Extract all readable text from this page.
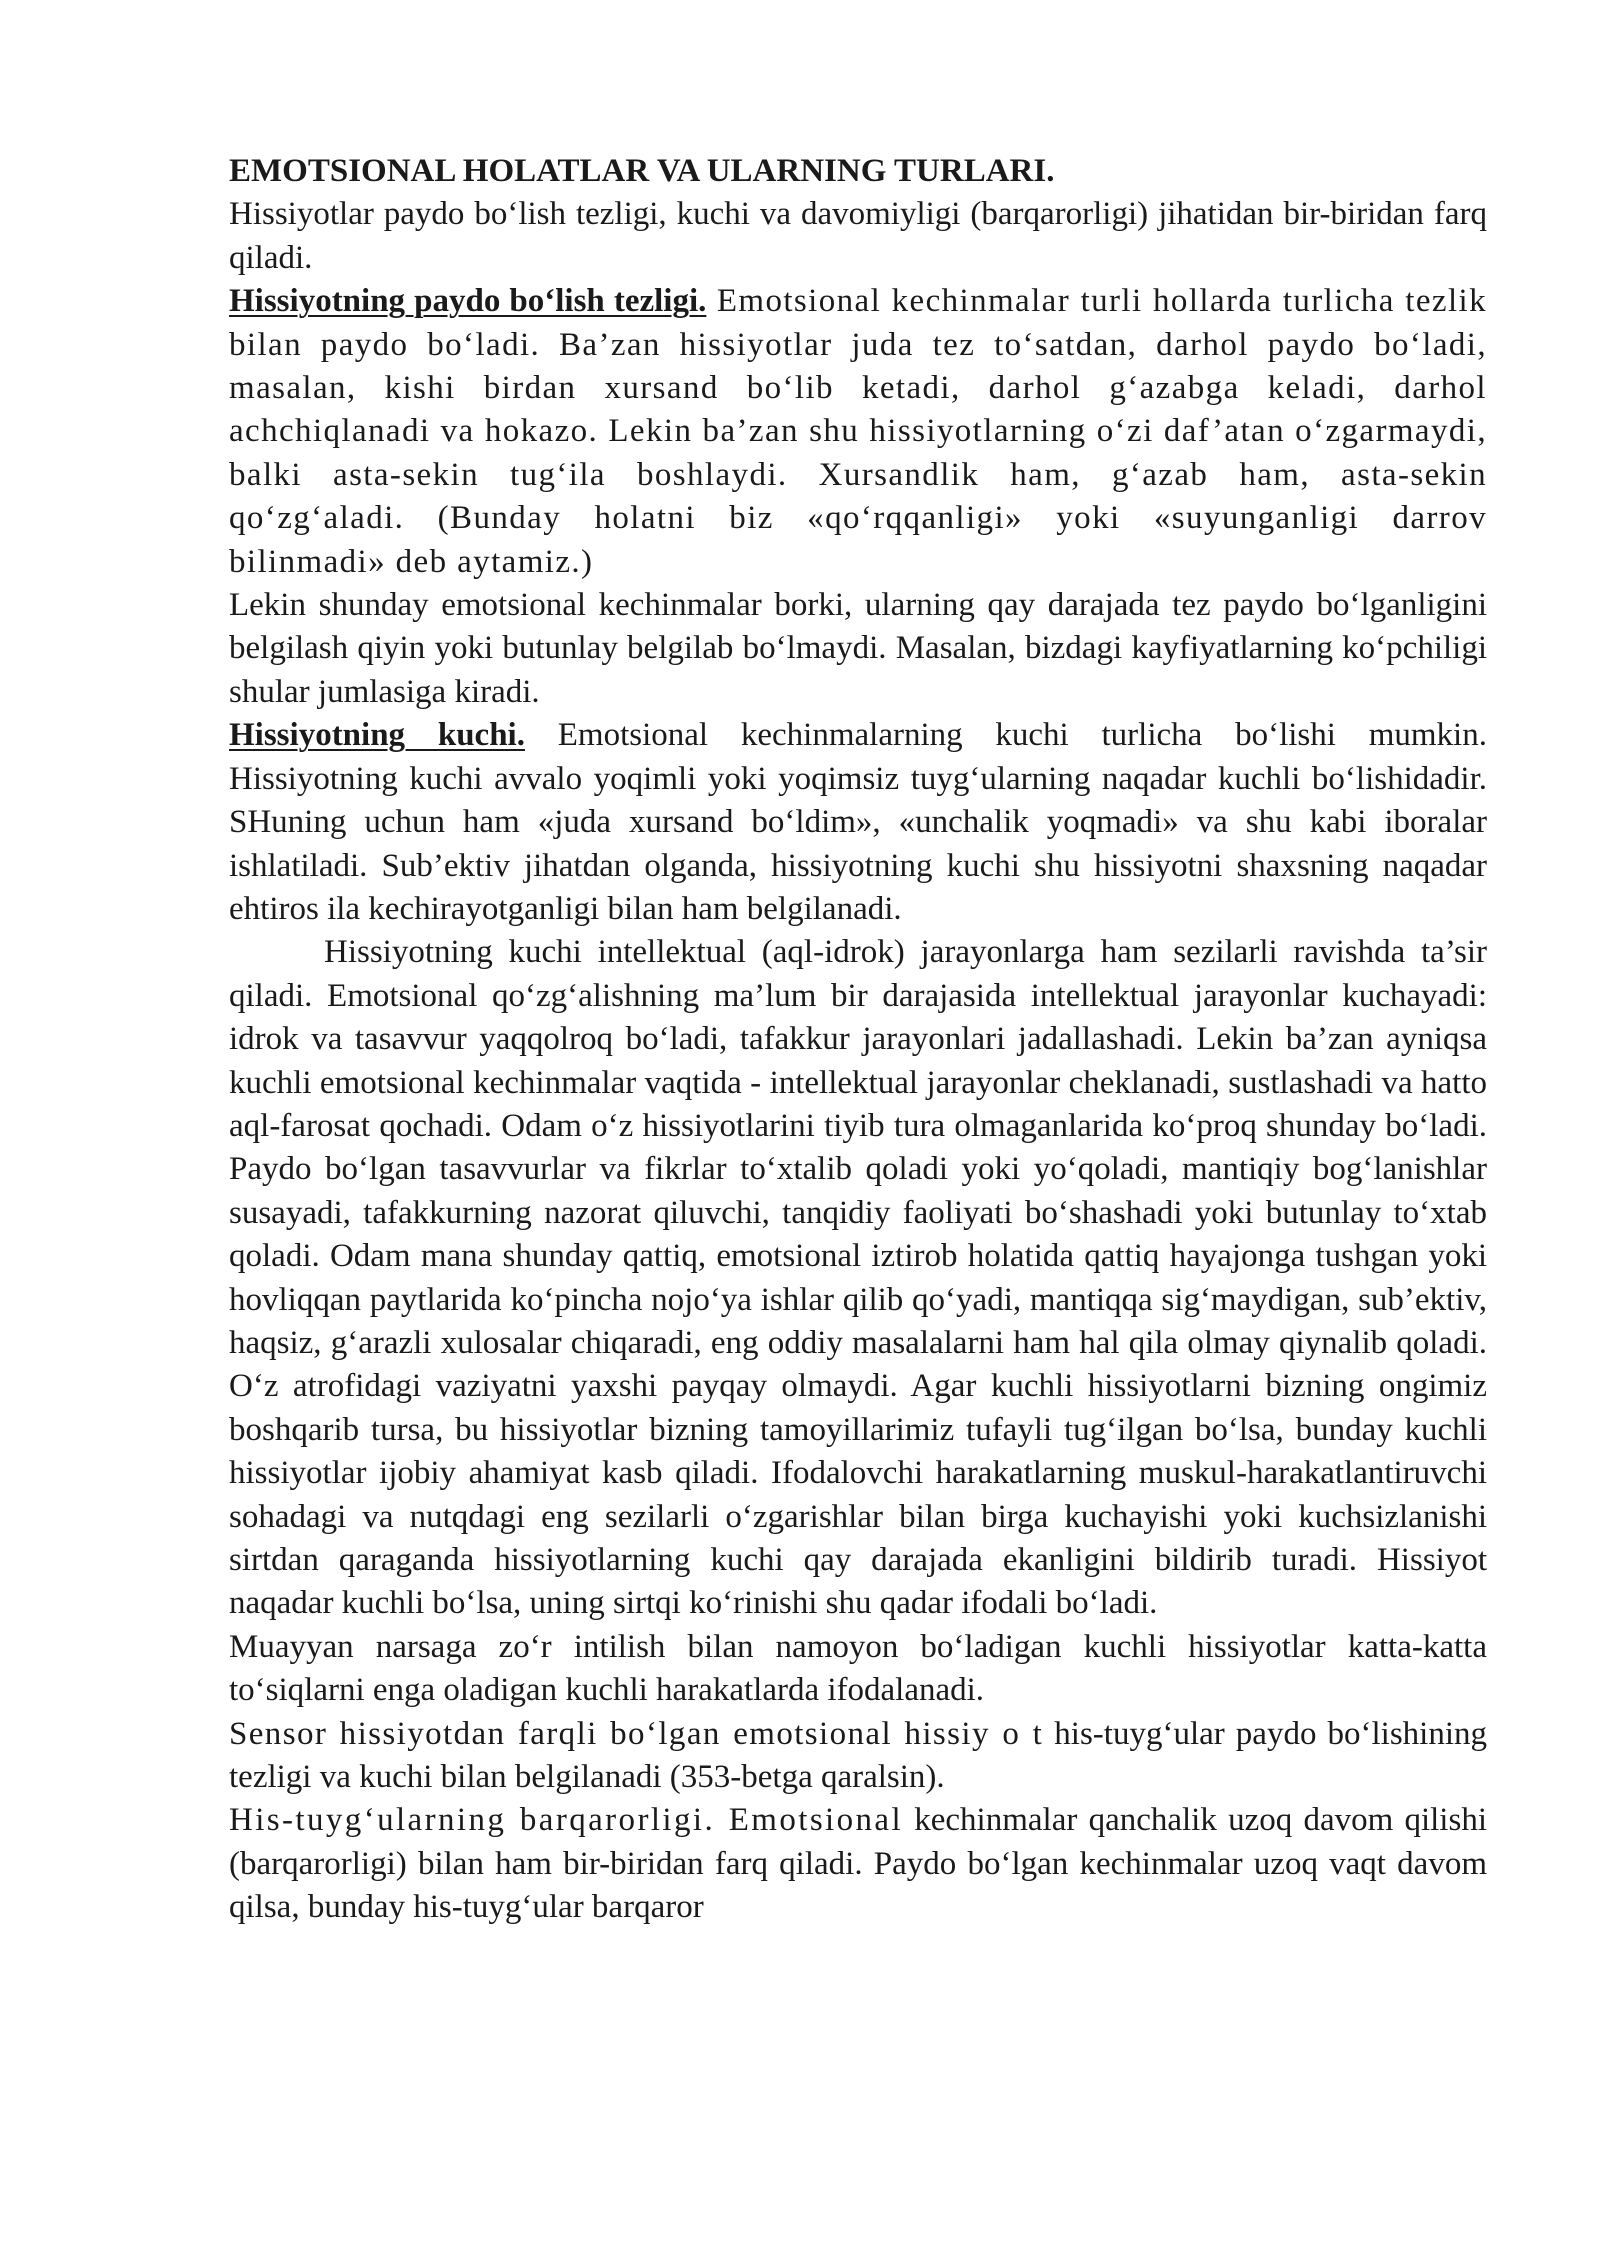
EMOTSIONAL HOLATLAR VA ULARNING TURLARI.

Hissiyotlar paydo bo‘lish tezligi, kuchi va davomiyligi (barqarorligi) jihatidan bir-biridan farq qiladi.

Hissiyotning paydo bo‘lish tezligi. Emotsional kechinmalar turli hollarda turlicha tezlik bilan paydo bo‘ladi. Ba’zan hissiyotlar juda tez to‘satdan, darhol paydo bo‘ladi, masalan, kishi birdan xursand bo‘lib ketadi, darhol g‘azabga keladi, darhol achchiqlanadi va hokazo. Lekin ba’zan shu hissiyotlarning o‘zi daf’atan o‘zgarmaydi, balki asta-sekin tug‘ila boshlaydi. Xursandlik ham, g‘azab ham, asta-sekin qo‘zg‘aladi. (Bunday holatni biz «qo‘rqqanligi» yoki «suyunganligi darrov bilinmadi» deb aytamiz.)

Lekin shunday emotsional kechinmalar borki, ularning qay darajada tez paydo bo‘lganligini belgilash qiyin yoki butunlay belgilab bo‘lmaydi. Masalan, bizdagi kayfiyatlarning ko‘pchiligi shular jumlasiga kiradi.

Hissiyotning kuchi. Emotsional kechinmalarning kuchi turlicha bo‘lishi mumkin. Hissiyotning kuchi avvalo yoqimli yoki yoqimsiz tuyg‘ularning naqadar kuchli bo‘lishidadir. SHuning uchun ham «juda xursand bo‘ldim», «unchalik yoqmadi» va shu kabi iboralar ishlatiladi. Sub’ektiv jihatdan olganda, hissiyotning kuchi shu hissiyotni shaxsning naqadar ehtiros ila kechirayotganligi bilan ham belgilanadi.

Hissiyotning kuchi intellektual (aql-idrok) jarayonlarga ham sezilarli ravishda ta’sir qiladi. Emotsional qo‘zg‘alishning ma’lum bir darajasida intellektual jarayonlar kuchayadi: idrok va tasavvur yaqqolroq bo‘ladi, tafakkur jarayonlari jadallashadi. Lekin ba’zan ayniqsa kuchli emotsional kechinmalar vaqtida - intellektual jarayonlar cheklanadi, sustlashadi va hatto aql-farosat qochadi. Odam o‘z hissiyotlarini tiyib tura olmaganlarida ko‘proq shunday bo‘ladi. Paydo bo‘lgan tasavvurlar va fikrlar to‘xtalib qoladi yoki yo‘qoladi, mantiqiy bog‘lanishlar susayadi, tafakkurning nazorat qiluvchi, tanqidiy faoliyati bo‘shashadi yoki butunlay to‘xtab qoladi. Odam mana shunday qattiq, emotsional iztirob holatida qattiq hayajonga tushgan yoki hovliqqan paytlarida ko‘pincha nojo‘ya ishlar qilib qo‘yadi, mantiqqa sig‘maydigan, sub’ektiv, haqsiz, g‘arazli xulosalar chiqaradi, eng oddiy masalalarni ham hal qila olmay qiynalib qoladi. O‘z atrofidagi vaziyatni yaxshi payqay olmaydi. Agar kuchli hissiyotlarni bizning ongimiz boshqarib tursa, bu hissiyotlar bizning tamoyillarimiz tufayli tug‘ilgan bo‘lsa, bunday kuchli hissiyotlar ijobiy ahamiyat kasb qiladi. Ifodalovchi harakatlarning muskul-harakatlantiruvchi sohadagi va nutqdagi eng sezilarli o‘zgarishlar bilan birga kuchayishi yoki kuchsizlanishi sirtdan qaraganda hissiyotlarning kuchi qay darajada ekanligini bildirib turadi. Hissiyot naqadar kuchli bo‘lsa, uning sirtqi ko‘rinishi shu qadar ifodali bo‘ladi.

Muayyan narsaga zo‘r intilish bilan namoyon bo‘ladigan kuchli hissiyotlar katta-katta to‘siqlarni enga oladigan kuchli harakatlarda ifodalanadi.

Sensor hissiyotdan farqli bo‘lgan emotsional hissiy o t his-tuyg‘ular paydo bo‘lishining tezligi va kuchi bilan belgilanadi (353-betga qaralsin).

His-tuyg‘ularning barqarorligi. Emotsional kechinmalar qanchalik uzoq davom qilishi (barqarorligi) bilan ham bir-biridan farq qiladi. Paydo bo‘lgan kechinmalar uzoq vaqt davom qilsa, bunday his-tuyg‘ular barqaror
